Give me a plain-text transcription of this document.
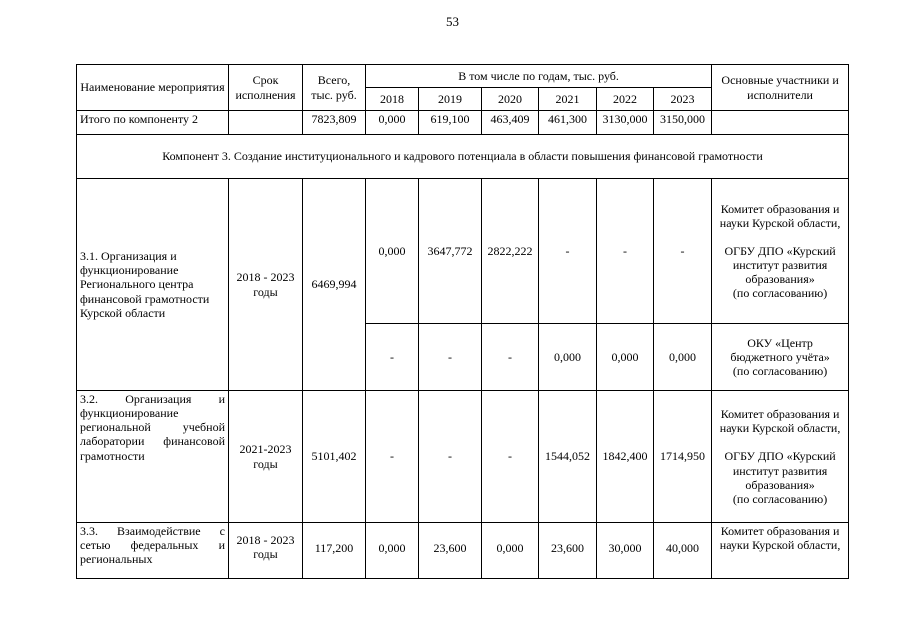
53
Наименование мероприятия	Срок исполнения	Всего, тыс. руб.	В том числе по годам, тыс. руб.						Основные участники и исполнители
			2018	2019	2020	2021	2022	2023	
Итого по компоненту 2		7823,809	0,000	619,100	463,409	461,300	3130,000	3150,000	
Компонент 3. Создание институционального и кадрового потенциала в области повышения финансовой грамотности									
3.1. Организация и функционирование Регионального центра финансовой грамотности Курской области	2018 - 2023 годы	6469,994	0,000	3647,772	2822,222	-	-	-	Комитет образования и науки Курской области,
ОГБУ ДПО «Курский институт развития образования»
(по согласованию)

			-	-	-	0,000	0,000	0,000	ОКУ «Центр бюджетного учёта»
(по согласованию)

3.2. Организация и функционирование региональной учебной лаборатории финансовой грамотности	2021-2023 годы	5101,402	-	-	-	1544,052	1842,400	1714,950	Комитет образования и науки Курской области,
ОГБУ ДПО «Курский институт развития образования»
(по согласованию)

3.3. Взаимодействие с сетью федеральных и региональных	2018 - 2023 годы	117,200	0,000	23,600	0,000	23,600	30,000	40,000	Комитет образования и науки Курской области,
